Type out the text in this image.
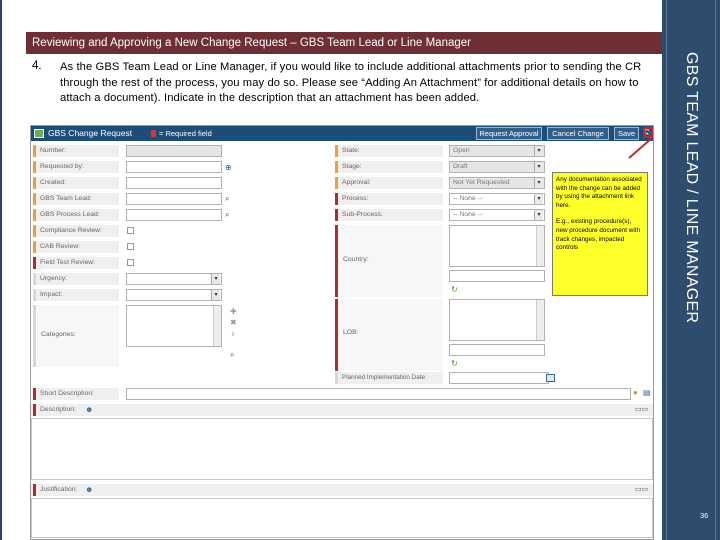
Reviewing and Approving a New Change Request – GBS Team Lead or Line Manager
GBS TEAM LEAD / LINE MANAGER
36
4. As the GBS Team Lead or Line Manager, if you would like to include additional attachments prior to sending the CR through the rest of the process, you may do so. Please see “Adding An Attachment” for additional details on how to attach a document). Indicate in the description that an attachment has been added.
GBS Change Request	= Required field	Request Approval	Cancel Change	Save ⎘
Number:
Requested by:	⊕
Created:
GBS Team Lead:	⌕
GBS Process Lead:	⌕
Compliance Review:
CAB Review:
Field Test Review:
Urgency:
▾
Impact:
▾
Categories:
✚
✖
♁
⌕
State:	Open ▾
Stage:	Draft ▾
Approval:	Not Yet Requested ▾
Process:	-- None -- ▾
Sub-Process:	-- None -- ▾
Country:
↻
LOB:
↻
Planned Implementation Date:
Short Description:	● ▤
Description:	☻	▭▭
Justification: ☻	▭▭

Any documentation associated with the change can be added by using the attachment link here.

E.g., existing procedure(s), new procedure document with track changes, impacted controls
